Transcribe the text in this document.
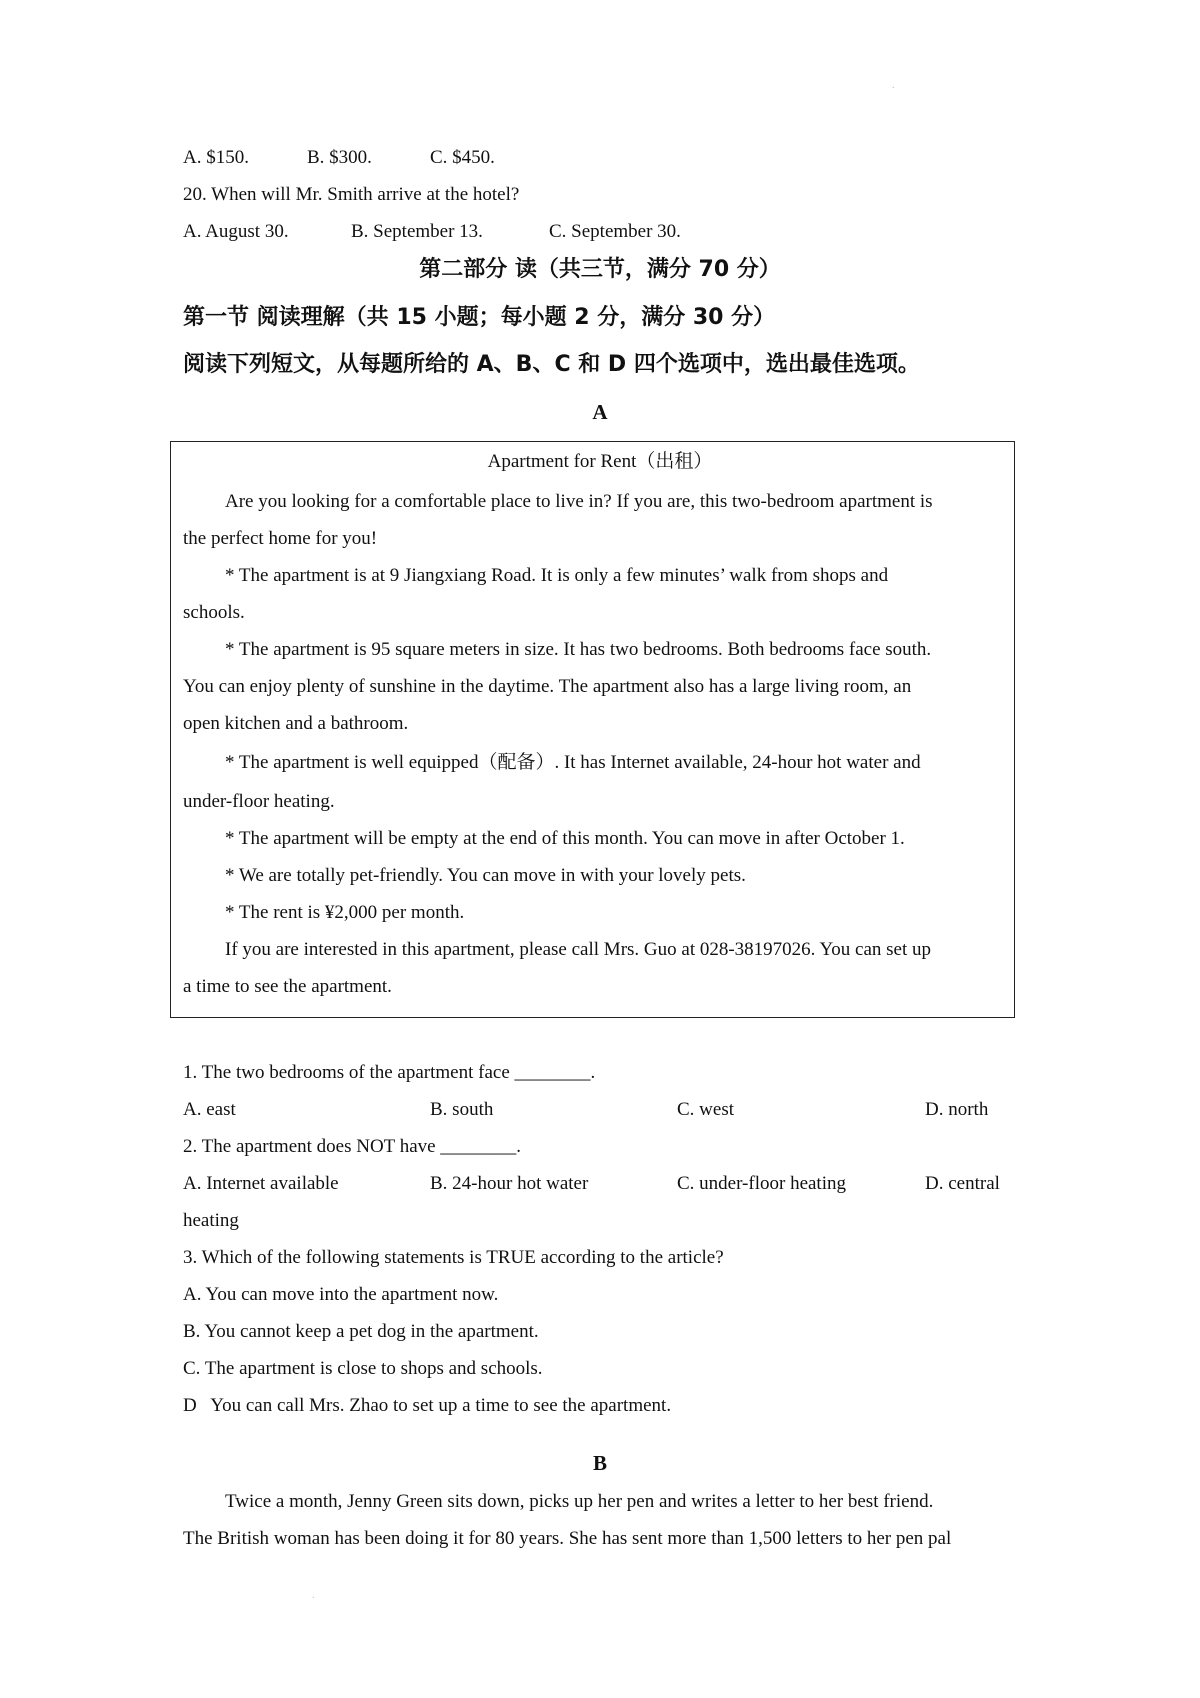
.
A. $150.	B. $300.	C. $450.
20. When will Mr. Smith arrive at the hotel?
A. August 30.	B. September 13.	C. September 30.
第二部分 读（共三节，满分 70 分）
第一节 阅读理解（共 15 小题；每小题 2 分，满分 30 分）
阅读下列短文，从每题所给的 A、B、C 和 D 四个选项中，选出最佳选项。
A
Apartment for Rent（出租）
Are you looking for a comfortable place to live in? If you are, this two-bedroom apartment is
the perfect home for you!
* The apartment is at 9 Jiangxiang Road. It is only a few minutes’ walk from shops and
schools.
* The apartment is 95 square meters in size. It has two bedrooms. Both bedrooms face south.
You can enjoy plenty of sunshine in the daytime. The apartment also has a large living room, an
open kitchen and a bathroom.
* The apartment is well equipped（配备）. It has Internet available, 24-hour hot water and
under-floor heating.
* The apartment will be empty at the end of this month. You can move in after October 1.
* We are totally pet-friendly. You can move in with your lovely pets.
* The rent is ¥2,000 per month.
If you are interested in this apartment, please call Mrs. Guo at 028-38197026. You can set up
a time to see the apartment.
1. The two bedrooms of the apartment face ________.
A. east	B. south	C. west	D. north
2. The apartment does NOT have ________.
A. Internet available	B. 24-hour hot water	C. under-floor heating	D. central
heating
3. Which of the following statements is TRUE according to the article?
A. You can move into the apartment now.
B. You cannot keep a pet dog in the apartment.
C. The apartment is close to shops and schools.
D   You can call Mrs. Zhao to set up a time to see the apartment.
B
Twice a month, Jenny Green sits down, picks up her pen and writes a letter to her best friend.
The British woman has been doing it for 80 years. She has sent more than 1,500 letters to her pen pal
.
